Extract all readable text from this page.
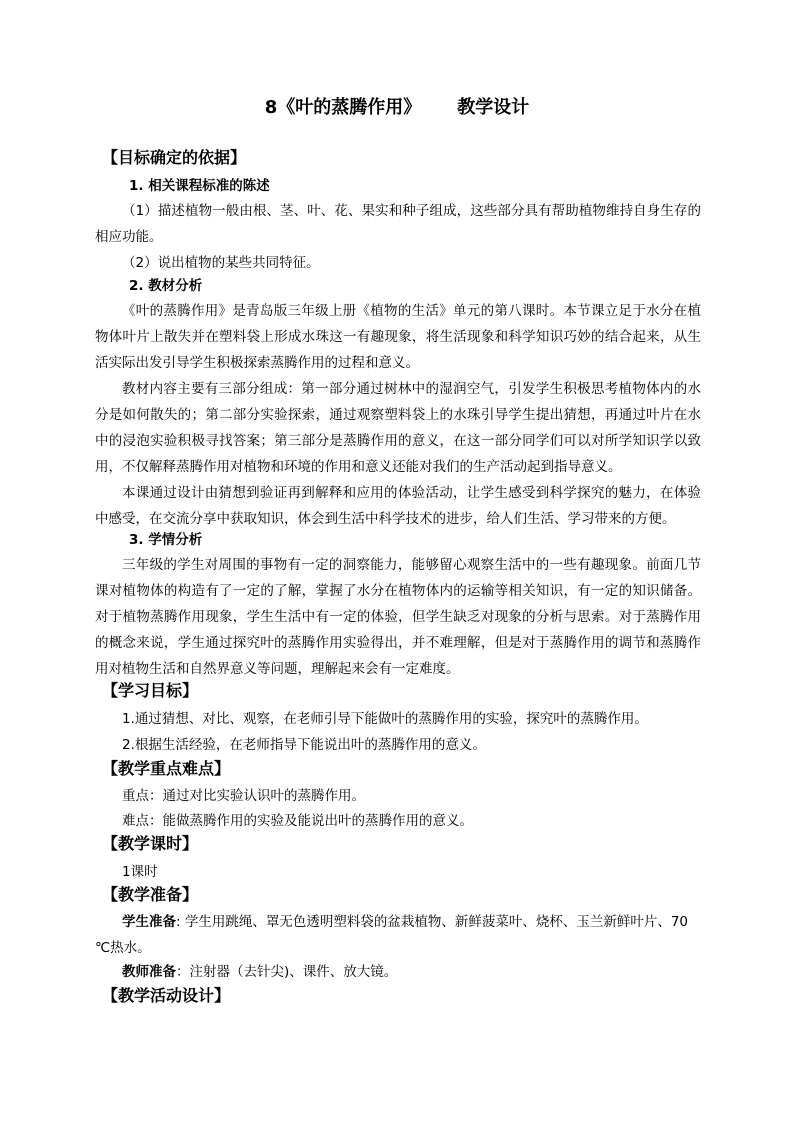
8《叶的蒸腾作用》 教学设计
【目标确定的依据】
1. 相关课程标准的陈述
（1）描述植物一般由根、茎、叶、花、果实和种子组成，这些部分具有帮助植物维持自身生存的相应功能。
（2）说出植物的某些共同特征。
2. 教材分析
《叶的蒸腾作用》是青岛版三年级上册《植物的生活》单元的第八课时。本节课立足于水分在植物体叶片上散失并在塑料袋上形成水珠这一有趣现象，将生活现象和科学知识巧妙的结合起来，从生活实际出发引导学生积极探索蒸腾作用的过程和意义。
教材内容主要有三部分组成：第一部分通过树林中的湿润空气，引发学生积极思考植物体内的水分是如何散失的；第二部分实验探索，通过观察塑料袋上的水珠引导学生提出猜想，再通过叶片在水中的浸泡实验积极寻找答案；第三部分是蒸腾作用的意义，在这一部分同学们可以对所学知识学以致用，不仅解释蒸腾作用对植物和环境的作用和意义还能对我们的生产活动起到指导意义。
本课通过设计由猜想到验证再到解释和应用的体验活动，让学生感受到科学探究的魅力，在体验中感受，在交流分享中获取知识，体会到生活中科学技术的进步，给人们生活、学习带来的方便。
3. 学情分析
三年级的学生对周围的事物有一定的洞察能力，能够留心观察生活中的一些有趣现象。前面几节课对植物体的构造有了一定的了解，掌握了水分在植物体内的运输等相关知识，有一定的知识储备。对于植物蒸腾作用现象，学生生活中有一定的体验，但学生缺乏对现象的分析与思索。对于蒸腾作用的概念来说，学生通过探究叶的蒸腾作用实验得出，并不难理解，但是对于蒸腾作用的调节和蒸腾作用对植物生活和自然界意义等问题，理解起来会有一定难度。
【学习目标】
1.通过猜想、对比、观察，在老师引导下能做叶的蒸腾作用的实验，探究叶的蒸腾作用。
2.根据生活经验，在老师指导下能说出叶的蒸腾作用的意义。
【教学重点难点】
重点：通过对比实验认识叶的蒸腾作用。
难点：能做蒸腾作用的实验及能说出叶的蒸腾作用的意义。
【教学课时】
1课时
【教学准备】
学生准备: 学生用跳绳、罩无色透明塑料袋的盆栽植物、新鲜菠菜叶、烧杯、玉兰新鲜叶片、70
℃热水。
教师准备：注射器（去针尖)、课件、放大镜。
【教学活动设计】
